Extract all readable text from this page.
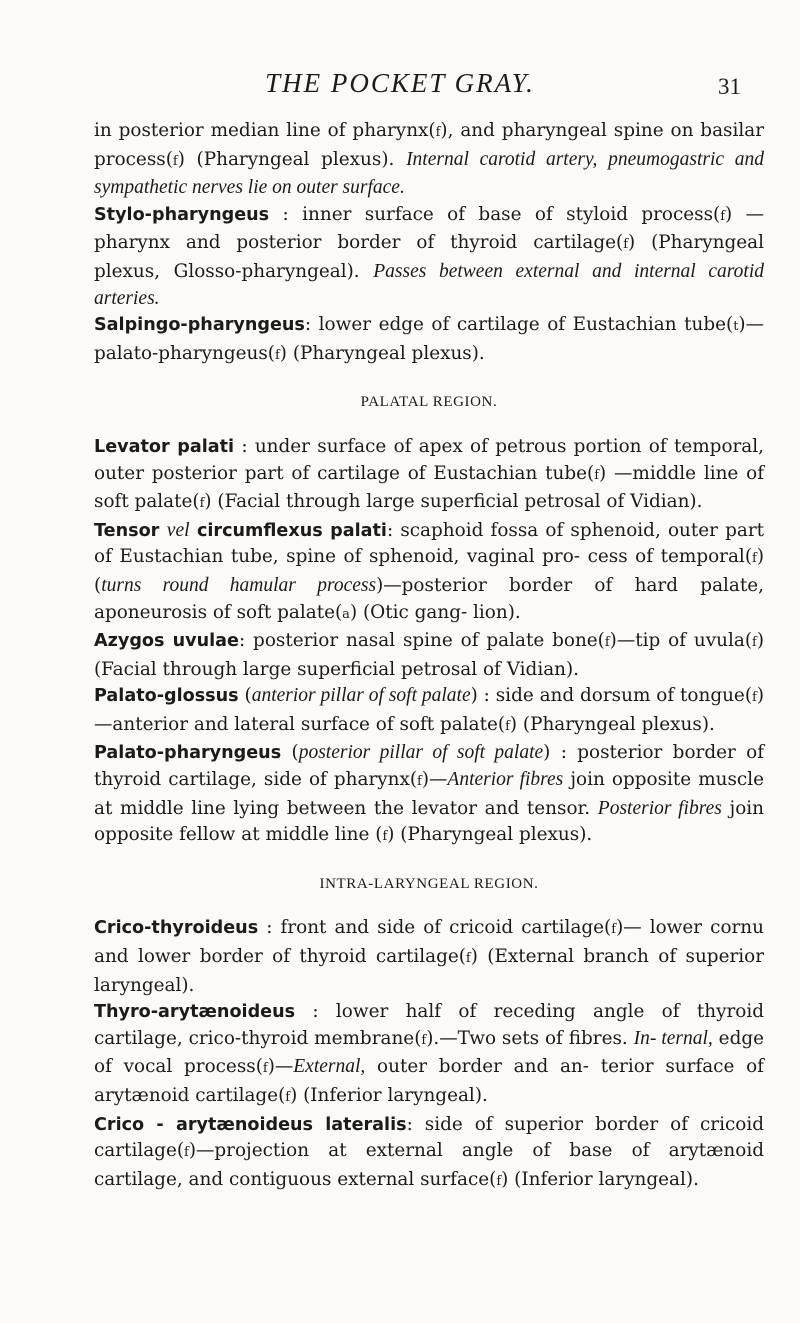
THE POCKET GRAY.	31

in posterior median line of pharynx(f), and pharyngeal spine on basilar process(f) (Pharyngeal plexus). Internal carotid artery, pneumogastric and sympathetic nerves lie on outer surface.

Stylo-pharyngeus : inner surface of base of styloid process(f) —pharynx and posterior border of thyroid cartilage(f) (Pharyngeal plexus, Glosso-pharyngeal). Passes between external and internal carotid arteries.

Salpingo-pharyngeus: lower edge of cartilage of Eustachian tube(t)—palato-pharyngeus(f) (Pharyngeal plexus).

PALATAL REGION.

Levator palati : under surface of apex of petrous portion of temporal, outer posterior part of cartilage of Eustachian tube(f) —middle line of soft palate(f) (Facial through large superficial petrosal of Vidian).

Tensor vel circumflexus palati: scaphoid fossa of sphenoid, outer part of Eustachian tube, spine of sphenoid, vaginal pro- cess of temporal(f) (turns round hamular process)—posterior border of hard palate, aponeurosis of soft palate(a) (Otic gang- lion).

Azygos uvulae: posterior nasal spine of palate bone(f)—tip of uvula(f) (Facial through large superficial petrosal of Vidian).

Palato-glossus (anterior pillar of soft palate) : side and dorsum of tongue(f)—anterior and lateral surface of soft palate(f) (Pharyngeal plexus).

Palato-pharyngeus (posterior pillar of soft palate) : posterior border of thyroid cartilage, side of pharynx(f)—Anterior fibres join opposite muscle at middle line lying between the levator and tensor. Posterior fibres join opposite fellow at middle line (f) (Pharyngeal plexus).

INTRA-LARYNGEAL REGION.

Crico-thyroideus : front and side of cricoid cartilage(f)— lower cornu and lower border of thyroid cartilage(f) (External branch of superior laryngeal).

Thyro-arytænoideus : lower half of receding angle of thyroid cartilage, crico-thyroid membrane(f).—Two sets of fibres. In- ternal, edge of vocal process(f)—External, outer border and an- terior surface of arytænoid cartilage(f) (Inferior laryngeal).

Crico - arytænoideus lateralis: side of superior border of cricoid cartilage(f)—projection at external angle of base of arytænoid cartilage, and contiguous external surface(f) (Inferior laryngeal).
